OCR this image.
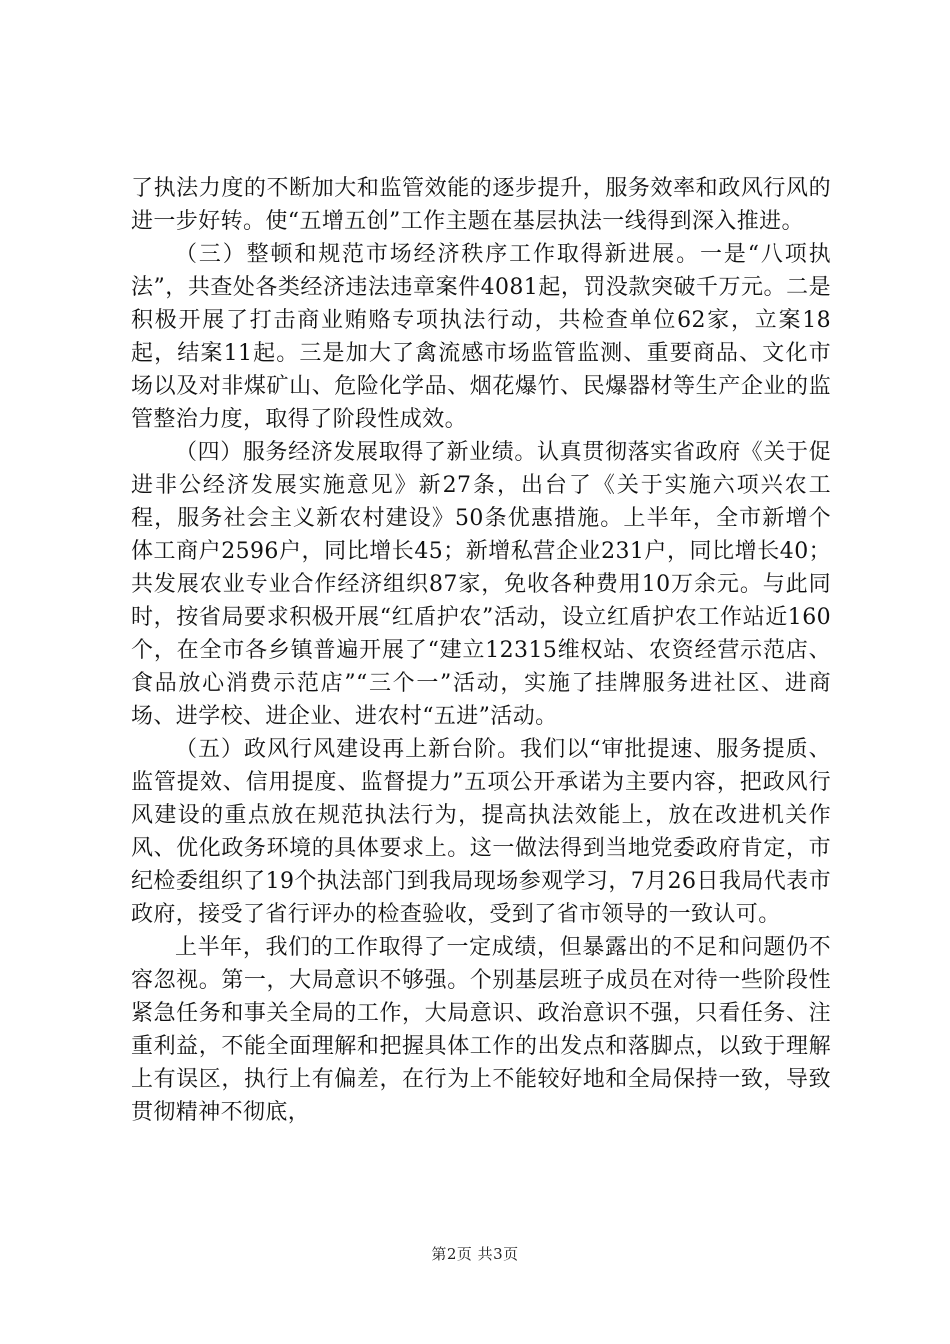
了执法力度的不断加大和监管效能的逐步提升，服务效率和政风行风的进一步好转。使“五增五创”工作主题在基层执法一线得到深入推进。

（三）整顿和规范市场经济秩序工作取得新进展。一是“八项执法”，共查处各类经济违法违章案件4081起，罚没款突破千万元。二是积极开展了打击商业贿赂专项执法行动，共检查单位62家，立案18起，结案11起。三是加大了禽流感市场监管监测、重要商品、文化市场以及对非煤矿山、危险化学品、烟花爆竹、民爆器材等生产企业的监管整治力度，取得了阶段性成效。

（四）服务经济发展取得了新业绩。认真贯彻落实省政府《关于促进非公经济发展实施意见》新27条，出台了《关于实施六项兴农工程，服务社会主义新农村建设》50条优惠措施。上半年，全市新增个体工商户2596户，同比增长45；新增私营企业231户，同比增长40；共发展农业专业合作经济组织87家，免收各种费用10万余元。与此同时，按省局要求积极开展“红盾护农”活动，设立红盾护农工作站近160个，在全市各乡镇普遍开展了“建立12315维权站、农资经营示范店、食品放心消费示范店”“三个一”活动，实施了挂牌服务进社区、进商场、进学校、进企业、进农村“五进”活动。

（五）政风行风建设再上新台阶。我们以“审批提速、服务提质、监管提效、信用提度、监督提力”五项公开承诺为主要内容，把政风行风建设的重点放在规范执法行为，提高执法效能上，放在改进机关作风、优化政务环境的具体要求上。这一做法得到当地党委政府肯定，市纪检委组织了19个执法部门到我局现场参观学习，7月26日我局代表市政府，接受了省行评办的检查验收，受到了省市领导的一致认可。

上半年，我们的工作取得了一定成绩，但暴露出的不足和问题仍不容忽视。第一，大局意识不够强。个别基层班子成员在对待一些阶段性紧急任务和事关全局的工作，大局意识、政治意识不强，只看任务、注重利益，不能全面理解和把握具体工作的出发点和落脚点，以致于理解上有误区，执行上有偏差，在行为上不能较好地和全局保持一致，导致贯彻精神不彻底，

第2页 共3页
